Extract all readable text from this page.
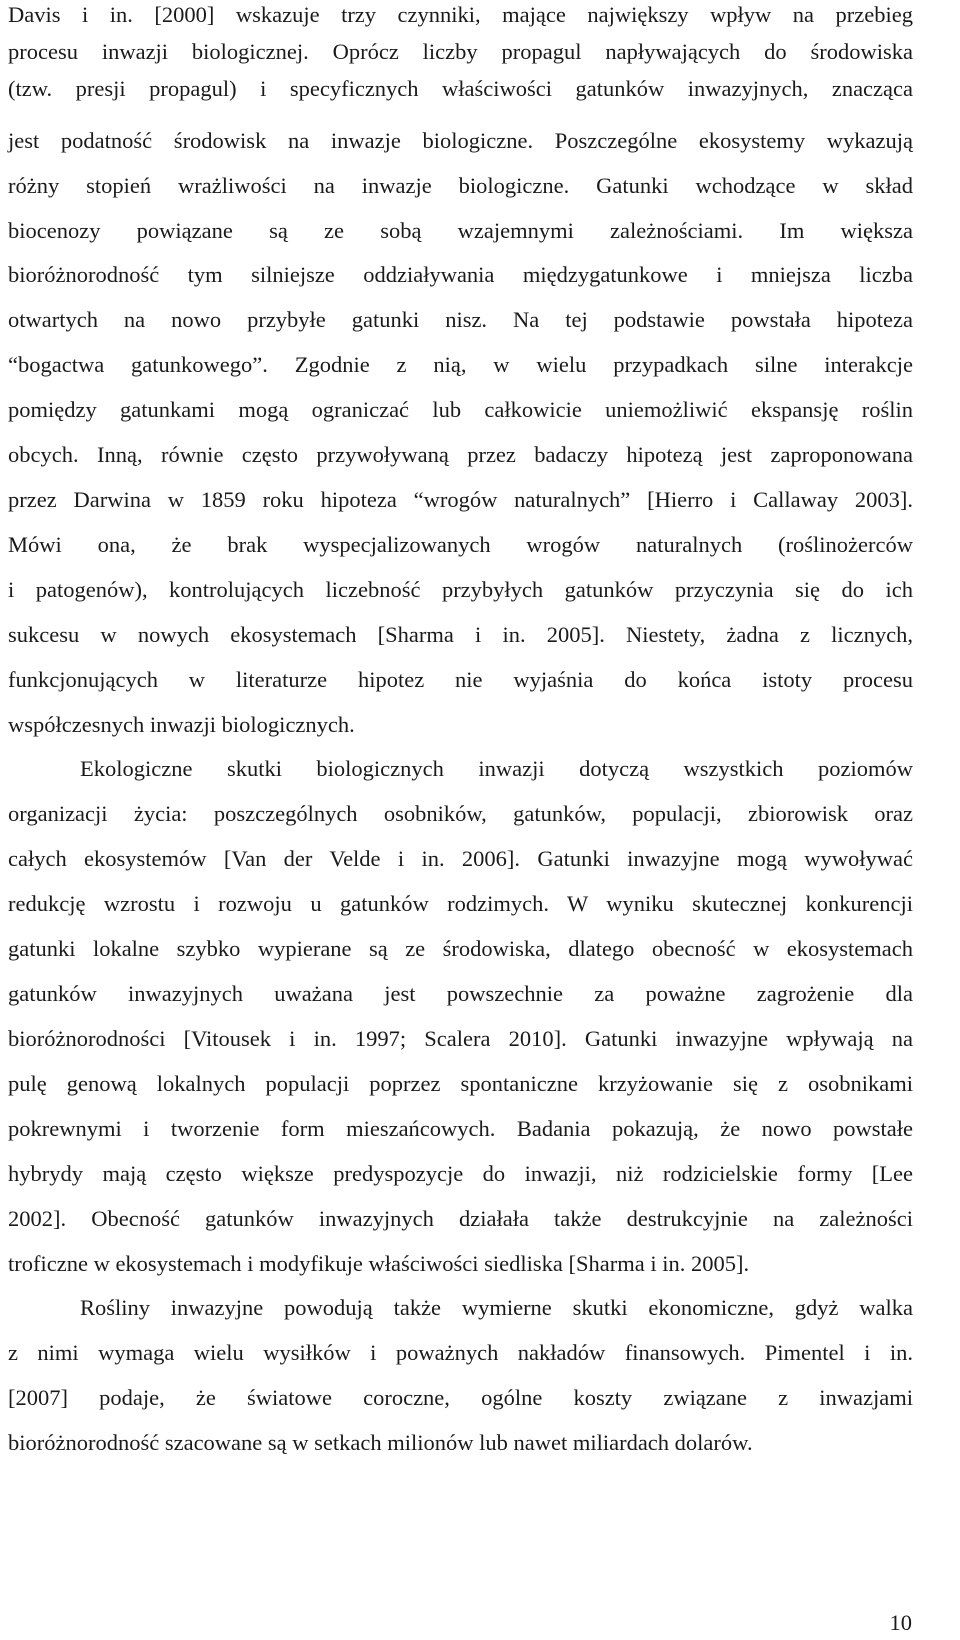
Davis i in. [2000] wskazuje trzy czynniki, mające największy wpływ na przebieg
procesu inwazji biologicznej. Oprócz liczby propagul napływających do środowiska
(tzw. presji propagul) i specyficznych właściwości gatunków inwazyjnych, znacząca
jest podatność środowisk na inwazje biologiczne. Poszczególne ekosystemy wykazują
różny stopień wrażliwości na inwazje biologiczne. Gatunki wchodzące w skład
biocenozy powiązane są ze sobą wzajemnymi zależnościami. Im większa
bioróżnorodność tym silniejsze oddziaływania międzygatunkowe i mniejsza liczba
otwartych na nowo przybyłe gatunki nisz. Na tej podstawie powstała hipoteza
“bogactwa gatunkowego”. Zgodnie z nią, w wielu przypadkach silne interakcje
pomiędzy gatunkami mogą ograniczać lub całkowicie uniemożliwić ekspansję roślin
obcych. Inną, równie często przywoływaną przez badaczy hipotezą jest zaproponowana
przez Darwina w 1859 roku hipoteza “wrogów naturalnych” [Hierro i Callaway 2003].
Mówi ona, że brak wyspecjalizowanych wrogów naturalnych (roślinożerców
i patogenów), kontrolujących liczebność przybyłych gatunków przyczynia się do ich
sukcesu w nowych ekosystemach [Sharma i in. 2005]. Niestety, żadna z licznych,
funkcjonujących w literaturze hipotez nie wyjaśnia do końca istoty procesu
współczesnych inwazji biologicznych.
Ekologiczne skutki biologicznych inwazji dotyczą wszystkich poziomów
organizacji życia: poszczególnych osobników, gatunków, populacji, zbiorowisk oraz
całych ekosystemów [Van der Velde i in. 2006]. Gatunki inwazyjne mogą wywoływać
redukcję wzrostu i rozwoju u gatunków rodzimych. W wyniku skutecznej konkurencji
gatunki lokalne szybko wypierane są ze środowiska, dlatego obecność w ekosystemach
gatunków inwazyjnych uważana jest powszechnie za poważne zagrożenie dla
bioróżnorodności [Vitousek i in. 1997; Scalera 2010]. Gatunki inwazyjne wpływają na
pulę genową lokalnych populacji poprzez spontaniczne krzyżowanie się z osobnikami
pokrewnymi i tworzenie form mieszańcowych. Badania pokazują, że nowo powstałe
hybrydy mają często większe predyspozycje do inwazji, niż rodzicielskie formy [Lee
2002]. Obecność gatunków inwazyjnych działała także destrukcyjnie na zależności
troficzne w ekosystemach i modyfikuje właściwości siedliska [Sharma i in. 2005].
Rośliny inwazyjne powodują także wymierne skutki ekonomiczne, gdyż walka
z nimi wymaga wielu wysiłków i poważnych nakładów finansowych. Pimentel i in.
[2007] podaje, że światowe coroczne, ogólne koszty związane z inwazjami
bioróżnorodność szacowane są w setkach milionów lub nawet miliardach dolarów.
10
